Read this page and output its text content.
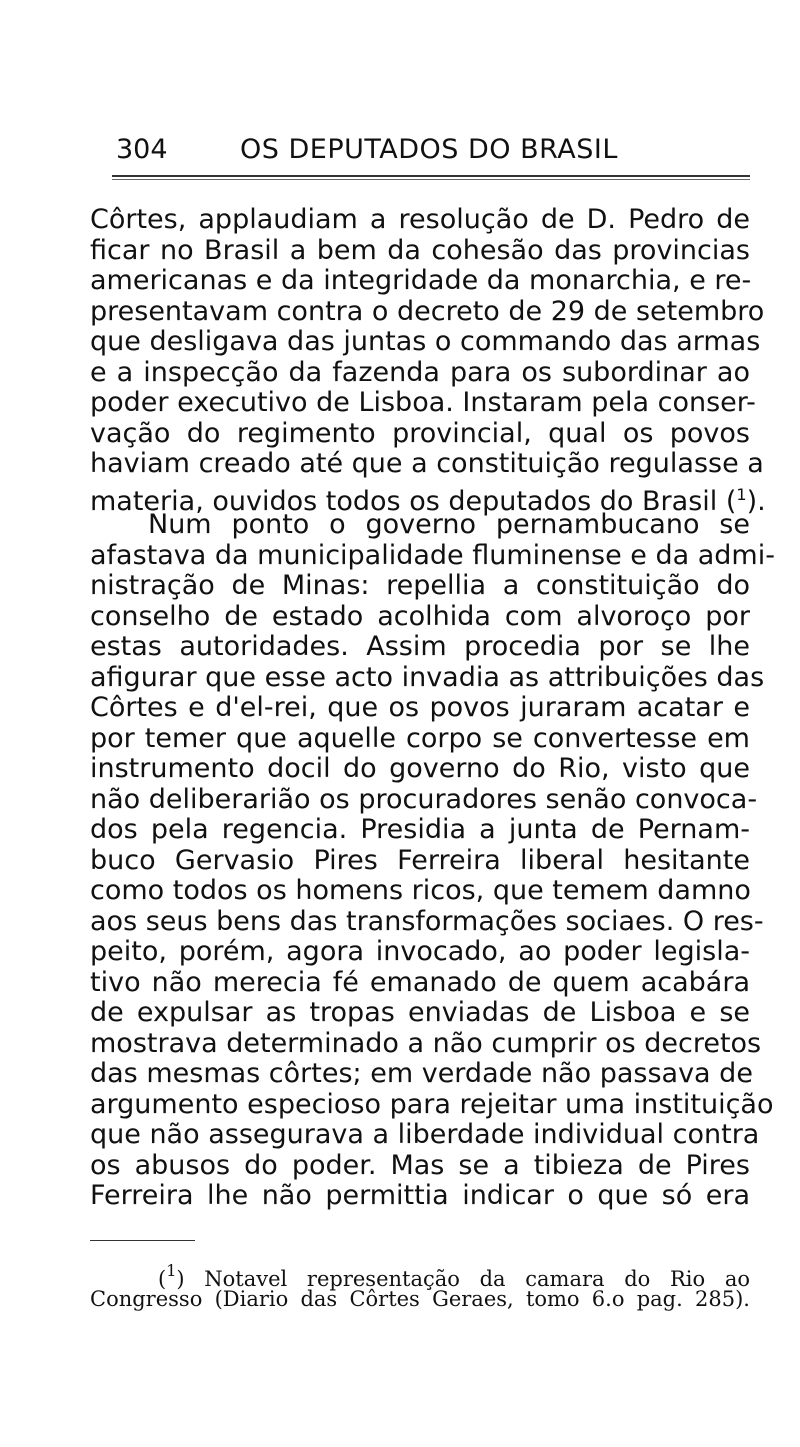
304	OS DEPUTADOS DO BRASIL
Côrtes, applaudiam a resolução de D. Pedro de
ficar no Brasil a bem da cohesão das provincias
americanas e da integridade da monarchia, e re-
presentavam contra o decreto de 29 de setembro
que desligava das juntas o commando das armas
e a inspecção da fazenda para os subordinar ao
poder executivo de Lisboa. Instaram pela conser-
vação do regimento provincial, qual os povos
haviam creado até que a constituição regulasse a
materia, ouvidos todos os deputados do Brasil ($^1$).
Num ponto o governo pernambucano se
afastava da municipalidade fluminense e da admi-
nistração de Minas: repellia a constituição do
conselho de estado acolhida com alvoroço por
estas autoridades. Assim procedia por se lhe
afigurar que esse acto invadia as attribuições das
Côrtes e d'el-rei, que os povos juraram acatar e
por temer que aquelle corpo se convertesse em
instrumento docil do governo do Rio, visto que
não deliberarião os procuradores senão convoca-
dos pela regencia. Presidia a junta de Pernam-
buco Gervasio Pires Ferreira liberal hesitante
como todos os homens ricos, que temem damno
aos seus bens das transformações sociaes. O res-
peito, porém, agora invocado, ao poder legisla-
tivo não merecia fé emanado de quem acabára
de expulsar as tropas enviadas de Lisboa e se
mostrava determinado a não cumprir os decretos
das mesmas côrtes; em verdade não passava de
argumento especioso para rejeitar uma instituição
que não assegurava a liberdade individual contra
os abusos do poder. Mas se a tibieza de Pires
Ferreira lhe não permittia indicar o que só era
($^1$) Notavel representação da camara do Rio ao
Congresso (Diario das Côrtes Geraes, tomo 6.o pag. 285).
